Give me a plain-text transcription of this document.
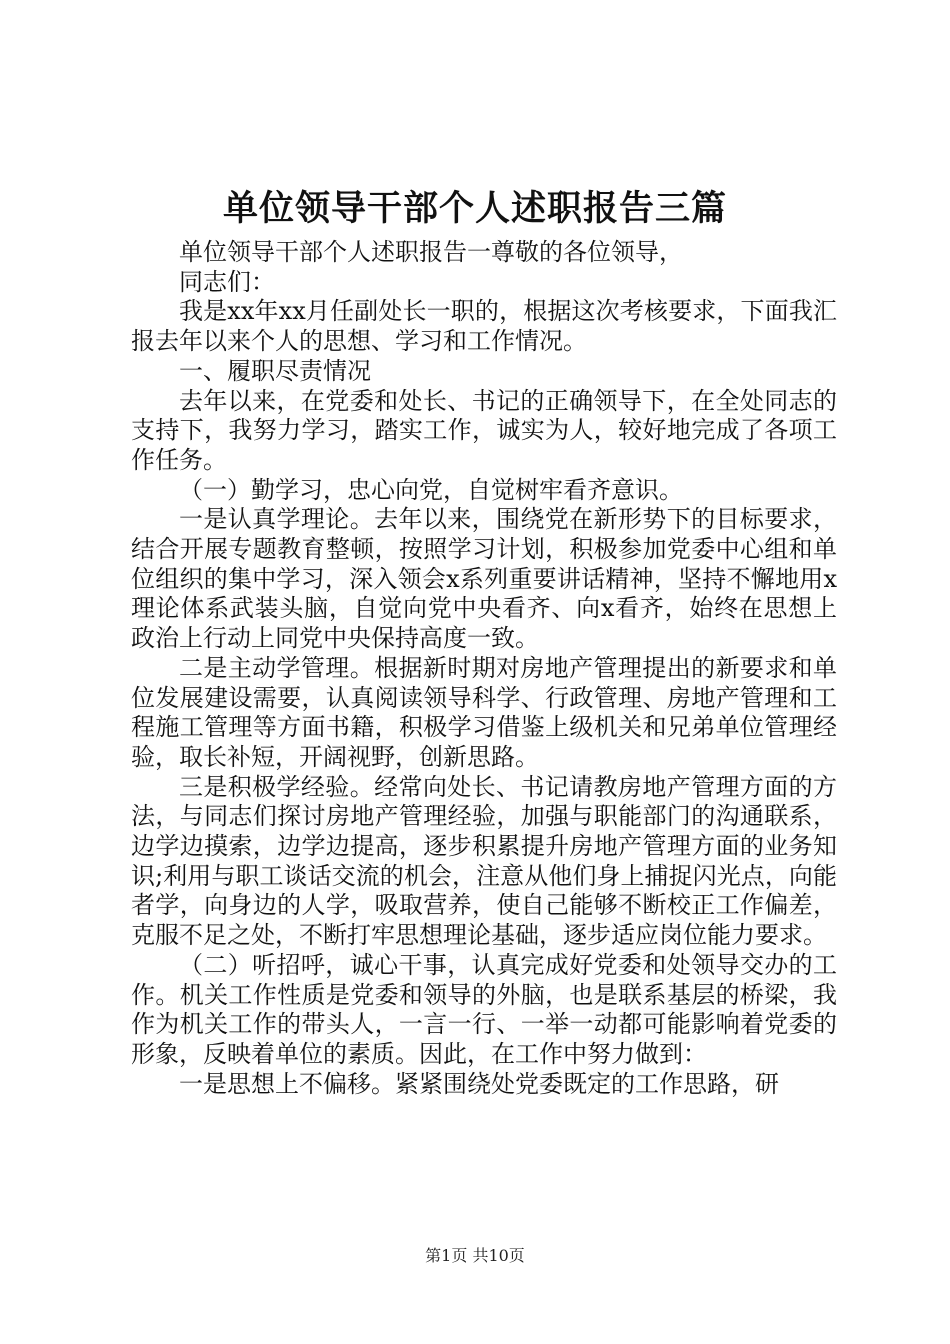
单位领导干部个人述职报告三篇

单位领导干部个人述职报告一尊敬的各位领导，

同志们：

我是xx年xx月任副处长一职的，根据这次考核要求，下面我汇报去年以来个人的思想、学习和工作情况。

一、履职尽责情况

去年以来，在党委和处长、书记的正确领导下，在全处同志的支持下，我努力学习，踏实工作，诚实为人，较好地完成了各项工作任务。

（一）勤学习，忠心向党，自觉树牢看齐意识。

一是认真学理论。去年以来，围绕党在新形势下的目标要求，结合开展专题教育整顿，按照学习计划，积极参加党委中心组和单位组织的集中学习，深入领会x系列重要讲话精神，坚持不懈地用x理论体系武装头脑，自觉向党中央看齐、向x看齐，始终在思想上政治上行动上同党中央保持高度一致。

二是主动学管理。根据新时期对房地产管理提出的新要求和单位发展建设需要，认真阅读领导科学、行政管理、房地产管理和工程施工管理等方面书籍，积极学习借鉴上级机关和兄弟单位管理经验，取长补短，开阔视野，创新思路。

三是积极学经验。经常向处长、书记请教房地产管理方面的方法，与同志们探讨房地产管理经验，加强与职能部门的沟通联系，边学边摸索，边学边提高，逐步积累提升房地产管理方面的业务知识;利用与职工谈话交流的机会，注意从他们身上捕捉闪光点，向能者学，向身边的人学，吸取营养，使自己能够不断校正工作偏差，克服不足之处，不断打牢思想理论基础，逐步适应岗位能力要求。

（二）听招呼，诚心干事，认真完成好党委和处领导交办的工作。机关工作性质是党委和领导的外脑，也是联系基层的桥梁，我作为机关工作的带头人，一言一行、一举一动都可能影响着党委的形象，反映着单位的素质。因此，在工作中努力做到：

一是思想上不偏移。紧紧围绕处党委既定的工作思路，研

第1页 共10页
